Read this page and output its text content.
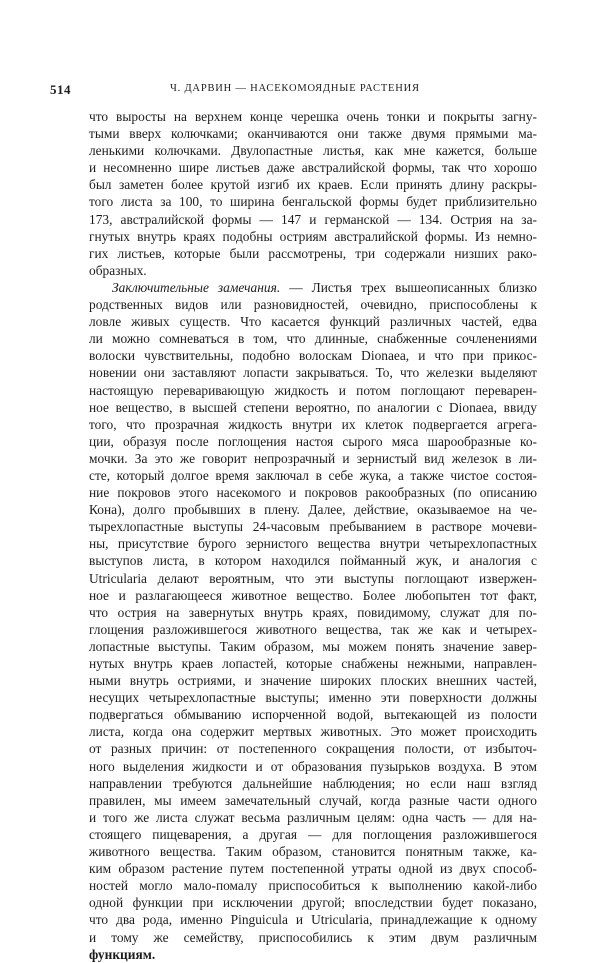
514	Ч. ДАРВИН — НАСЕКОМОЯДНЫЕ РАСТЕНИЯ
что выросты на верхнем конце черешка очень тонки и покрыты загну-
тыми вверх колючками; оканчиваются они также двумя прямыми ма-
ленькими колючками. Двулопастные листья, как мне кажется, больше
и несомненно шире листьев даже австралийской формы, так что хорошо
был заметен более крутой изгиб их краев. Если принять длину раскры-
того листа за 100, то ширина бенгальской формы будет приблизительно
173, австралийской формы — 147 и германской — 134. Острия на за-
гнутых внутрь краях подобны остриям австралийской формы. Из немно-
гих листьев, которые были рассмотрены, три содержали низших рако-
образных.
Заключительные замечания. — Листья трех вышеописанных близко
родственных видов или разновидностей, очевидно, приспособлены к
ловле живых существ. Что касается функций различных частей, едва
ли можно сомневаться в том, что длинные, снабженные сочленениями
волоски чувствительны, подобно волоскам Dionaea, и что при прикос-
новении они заставляют лопасти закрываться. То, что железки выделяют
настоящую переваривающую жидкость и потом поглощают переварен-
ное вещество, в высшей степени вероятно, по аналогии с Dionaea, ввиду
того, что прозрачная жидкость внутри их клеток подвергается агрега-
ции, образуя после поглощения настоя сырого мяса шарообразные ко-
мочки. За это же говорит непрозрачный и зернистый вид железок в ли-
сте, который долгое время заключал в себе жука, а также чистое состоя-
ние покровов этого насекомого и покровов ракообразных (по описанию
Кона), долго пробывших в плену. Далее, действие, оказываемое на че-
тырехлопастные выступы 24-часовым пребыванием в растворе мочеви-
ны, присутствие бурого зернистого вещества внутри четырехлопастных
выступов листа, в котором находился пойманный жук, и аналогия с
Utricularia делают вероятным, что эти выступы поглощают извержен-
ное и разлагающееся животное вещество. Более любопытен тот факт,
что острия на завернутых внутрь краях, повидимому, служат для по-
глощения разложившегося животного вещества, так же как и четырех-
лопастные выступы. Таким образом, мы можем понять значение завер-
нутых внутрь краев лопастей, которые снабжены нежными, направлен-
ными внутрь остриями, и значение широких плоских внешних частей,
несущих четырехлопастные выступы; именно эти поверхности должны
подвергаться обмыванию испорченной водой, вытекающей из полости
листа, когда она содержит мертвых животных. Это может происходить
от разных причин: от постепенного сокращения полости, от избыточ-
ного выделения жидкости и от образования пузырьков воздуха. В этом
направлении требуются дальнейшие наблюдения; но если наш взгляд
правилен, мы имеем замечательный случай, когда разные части одного
и того же листа служат весьма различным целям: одна часть — для на-
стоящего пищеварения, а другая — для поглощения разложившегося
животного вещества. Таким образом, становится понятным также, ка-
ким образом растение путем постепенной утраты одной из двух способ-
ностей могло мало-помалу приспособиться к выполнению какой-либо
одной функции при исключении другой; впоследствии будет показано,
что два рода, именно Pinguicula и Utricularia, принадлежащие к одному
и тому же семейству, приспособились к этим двум различным
функциям.
